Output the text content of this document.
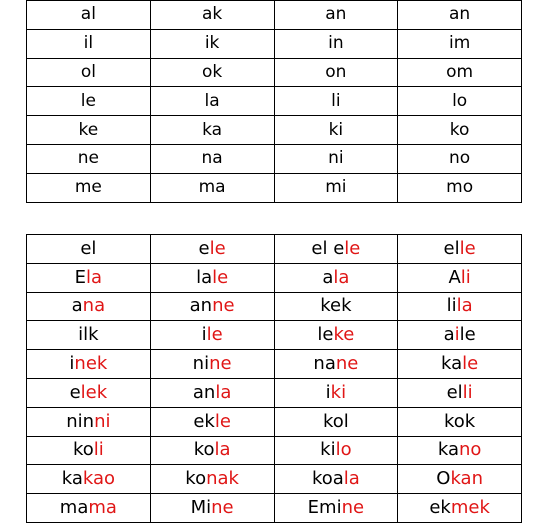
al	ak	an	an
il	ik	in	im
ol	ok	on	om
le	la	li	lo
ke	ka	ki	ko
ne	na	ni	no
me	ma	mi	mo
el	ele	el ele	elle
Ela	lale	ala	Ali
ana	anne	kek	lila
ilk	ile	leke	aile
inek	nine	nane	kale
elek	anla	iki	elli
ninni	ekle	kol	kok
koli	kola	kilo	kano
kakao	konak	koala	Okan
mama	Mine	Emine	ekmek
